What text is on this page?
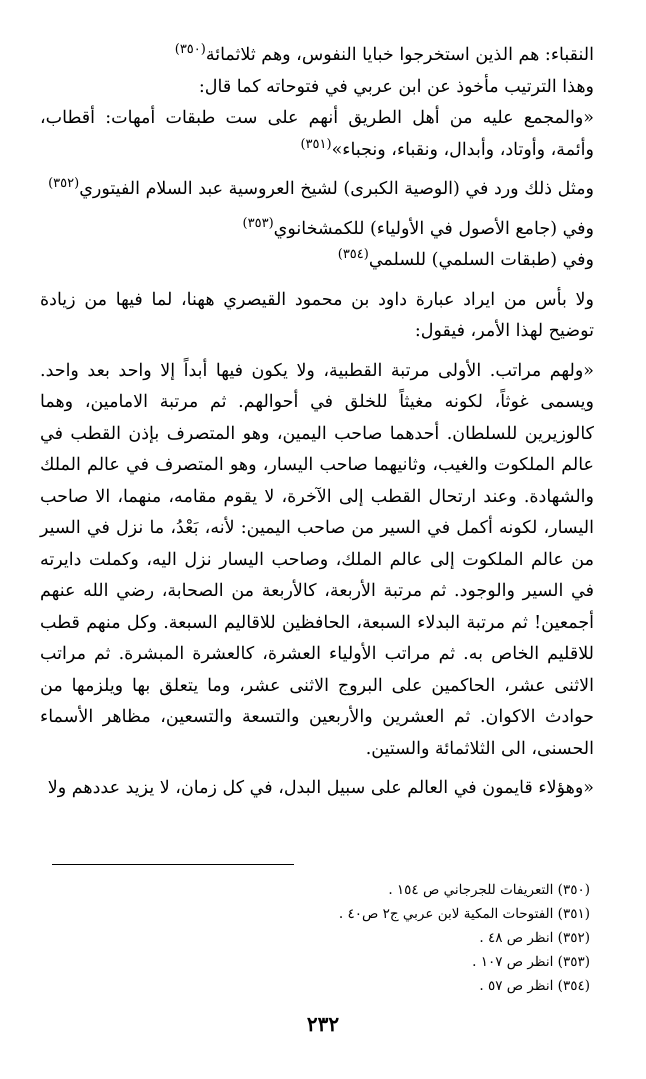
النقباء: هم الذين استخرجوا خبايا النفوس، وهم ثلاثمائة$^{(٣٥٠)}$

وهذا الترتيب مأخوذ عن ابن عربي في فتوحاته كما قال:

«والمجمع عليه من أهل الطريق أنهم على ست طبقات أمهات: أقطاب، وأئمة، وأوتاد، وأبدال، ونقباء، ونجباء»$^{(٣٥١)}$

ومثل ذلك ورد في (الوصية الكبرى) لشيخ العروسية عبد السلام الفيتوري$^{(٣٥٢)}$

وفي (جامع الأصول في الأولياء) للكمشخانوي$^{(٣٥٣)}$

وفي (طبقات السلمي) للسلمي$^{(٣٥٤)}$

ولا بأس من ايراد عبارة داود بن محمود القيصري ههنا، لما فيها من زيادة توضيح لهذا الأمر، فيقول:

«ولهم مراتب. الأولى مرتبة القطبية، ولا يكون فيها أبداً إلا واحد بعد واحد. ويسمى غوثاً، لكونه مغيثاً للخلق في أحوالهم. ثم مرتبة الامامين، وهما كالوزيرين للسلطان. أحدهما صاحب اليمين، وهو المتصرف بإذن القطب في عالم الملكوت والغيب، وثانيهما صاحب اليسار، وهو المتصرف في عالم الملك والشهادة. وعند ارتحال القطب إلى الآخرة، لا يقوم مقامه، منهما، الا صاحب اليسار، لكونه أكمل في السير من صاحب اليمين: لأنه، بَعْدُ، ما نزل في السير من عالم الملكوت إلى عالم الملك، وصاحب اليسار نزل اليه، وكملت دايرته في السير والوجود. ثم مرتبة الأربعة، كالأربعة من الصحابة، رضي الله عنهم أجمعين! ثم مرتبة البدلاء السبعة، الحافظين للاقاليم السبعة. وكل منهم قطب للاقليم الخاص به. ثم مراتب الأولياء العشرة، كالعشرة المبشرة. ثم مراتب الاثنى عشر، الحاكمين على البروج الاثنى عشر، وما يتعلق بها ويلزمها من حوادث الاكوان. ثم العشرين والأربعين والتسعة والتسعين، مظاهر الأسماء الحسنى، الى الثلاثمائة والستين.

«وهؤلاء قايمون في العالم على سبيل البدل، في كل زمان، لا يزيد عددهم ولا

(٣٥٠) التعريفات للجرجاني ص ١٥٤ .
(٣٥١) الفتوحات المكية لابن عربي ج٢ ص٤٠ .
(٣٥٢) انظر ص ٤٨ .
(٣٥٣) انظر ص ١٠٧ .
(٣٥٤) انظر ص ٥٧ .
٢٣٢
